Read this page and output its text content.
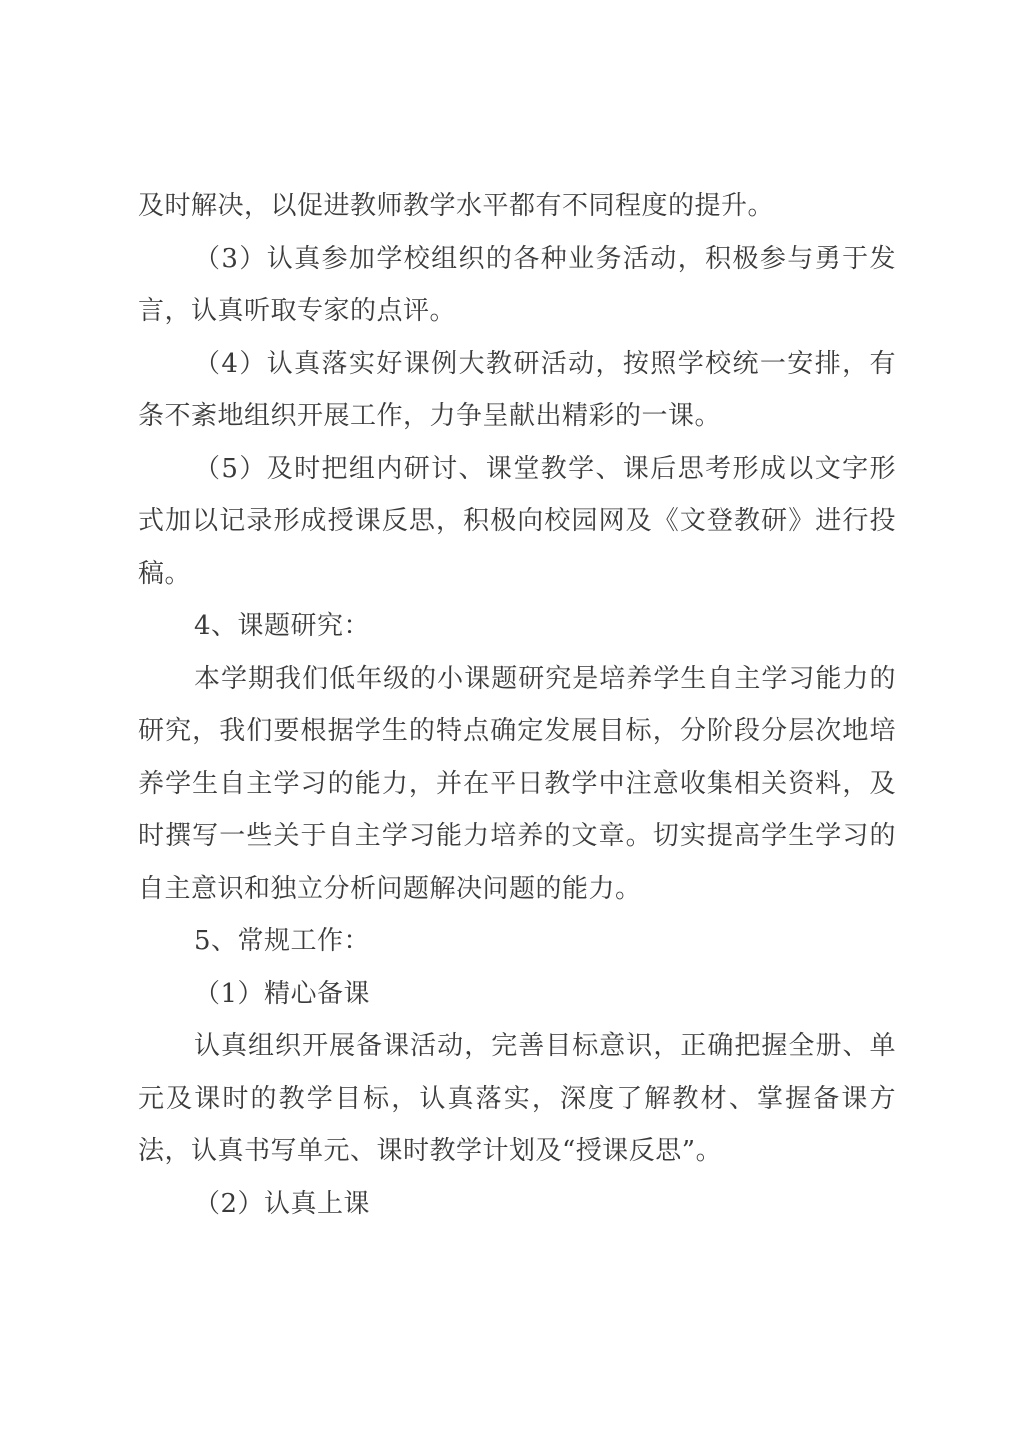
及时解决，以促进教师教学水平都有不同程度的提升。

（3）认真参加学校组织的各种业务活动，积极参与勇于发言，认真听取专家的点评。

（4）认真落实好课例大教研活动，按照学校统一安排，有条不紊地组织开展工作，力争呈献出精彩的一课。

（5）及时把组内研讨、课堂教学、课后思考形成以文字形式加以记录形成授课反思，积极向校园网及《文登教研》进行投稿。

4、课题研究：

本学期我们低年级的小课题研究是培养学生自主学习能力的研究，我们要根据学生的特点确定发展目标，分阶段分层次地培养学生自主学习的能力，并在平日教学中注意收集相关资料，及时撰写一些关于自主学习能力培养的文章。切实提高学生学习的自主意识和独立分析问题解决问题的能力。

5、常规工作：

（1）精心备课

认真组织开展备课活动，完善目标意识，正确把握全册、单元及课时的教学目标，认真落实，深度了解教材、掌握备课方法，认真书写单元、课时教学计划及“授课反思”。

（2）认真上课
